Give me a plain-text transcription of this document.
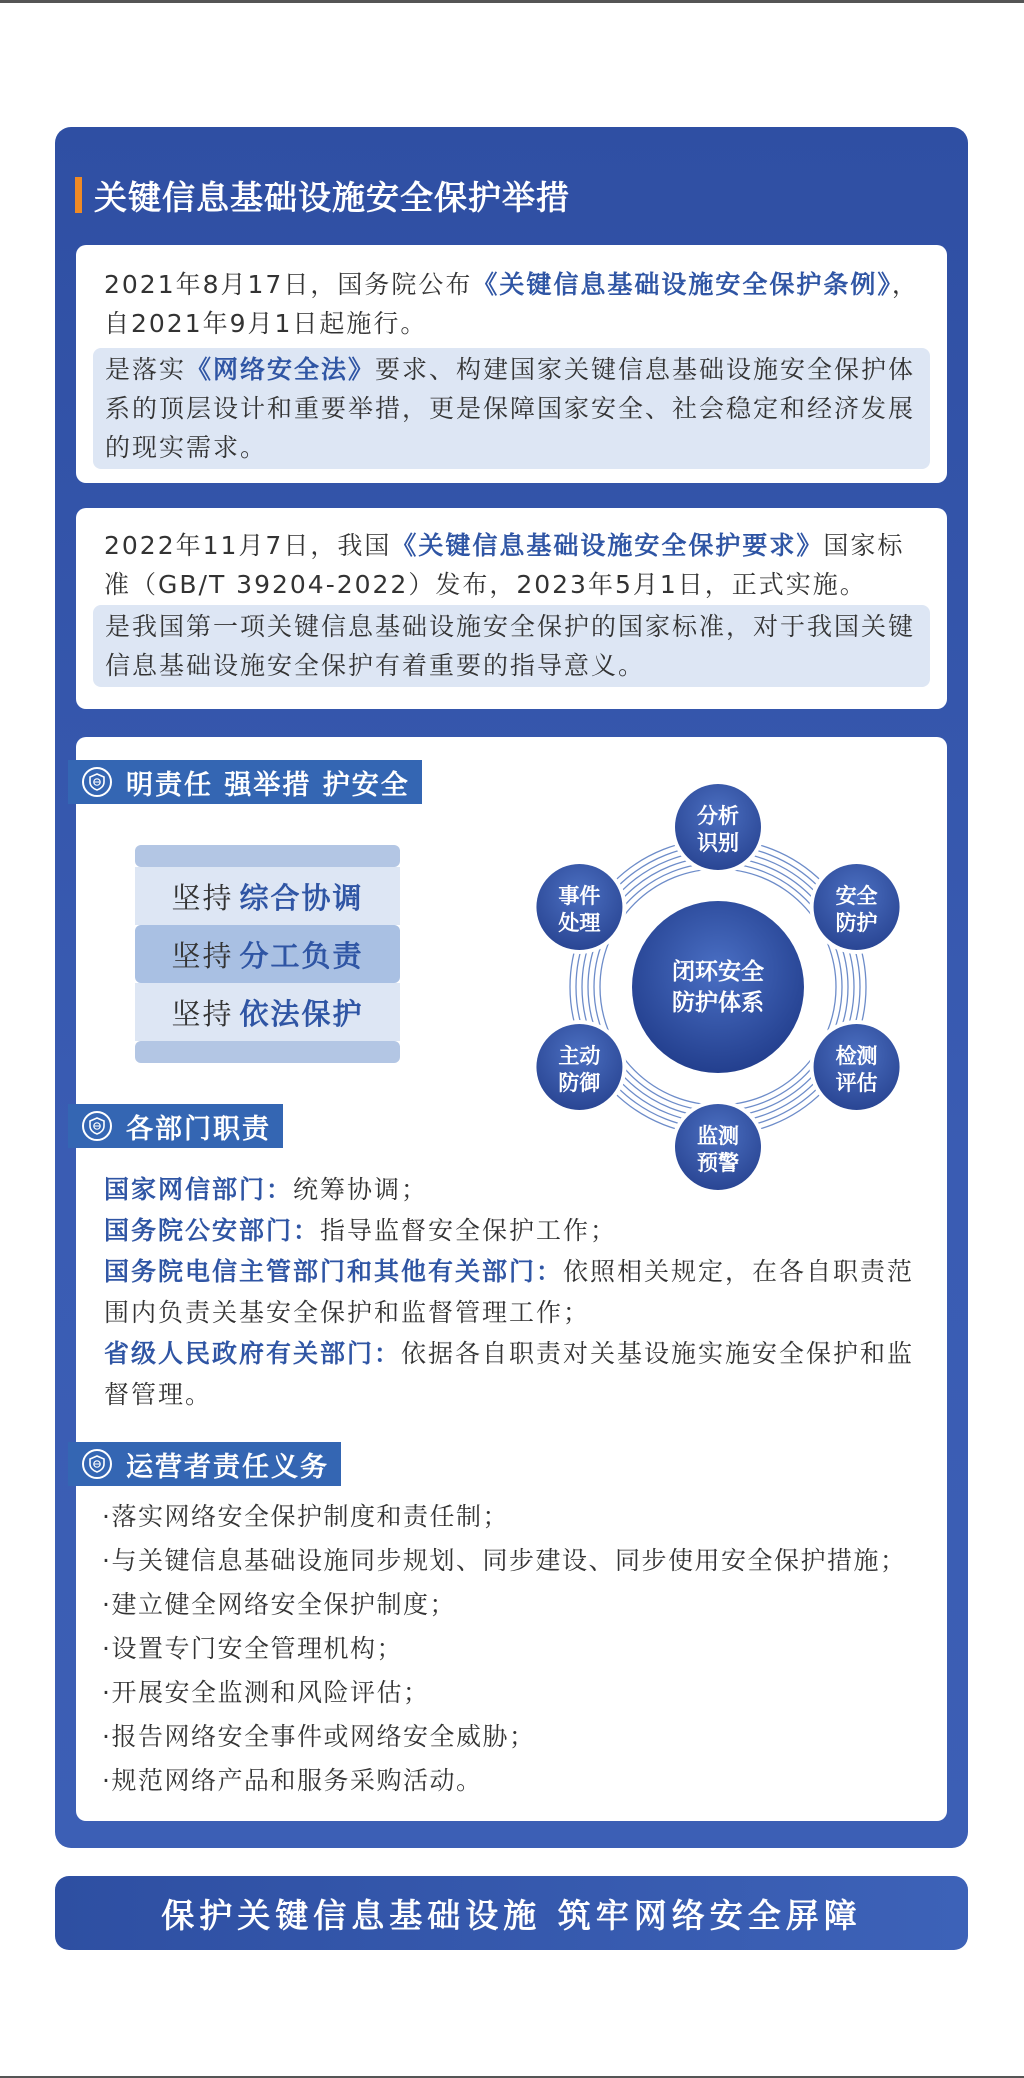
关键信息基础设施安全保护举措
2021年8月17日，国务院公布《关键信息基础设施安全保护条例》，自2021年9月1日起施行。
是落实《网络安全法》要求、构建国家关键信息基础设施安全保护体系的顶层设计和重要举措，更是保障国家安全、社会稳定和经济发展的现实需求。
2022年11月7日，我国《关键信息基础设施安全保护要求》国家标准（GB/T 39204-2022）发布，2023年5月1日，正式实施。
是我国第一项关键信息基础设施安全保护的国家标准，对于我国关键信息基础设施安全保护有着重要的指导意义。
明责任 强举措 护安全
坚持 综合协调
坚持 分工负责
坚持 依法保护
闭环安全
防护体系
分析
识别
安全
防护
检测
评估
监测
预警
主动
防御
事件
处理
各部门职责
国家网信部门：统筹协调；
国务院公安部门：指导监督安全保护工作；
国务院电信主管部门和其他有关部门：依照相关规定，在各自职责范围内负责关基安全保护和监督管理工作；
省级人民政府有关部门：依据各自职责对关基设施实施安全保护和监督管理。
运营者责任义务
·落实网络安全保护制度和责任制；
·与关键信息基础设施同步规划、同步建设、同步使用安全保护措施；
·建立健全网络安全保护制度；
·设置专门安全管理机构；
·开展安全监测和风险评估；
·报告网络安全事件或网络安全威胁；
·规范网络产品和服务采购活动。
保护关键信息基础设施 筑牢网络安全屏障
